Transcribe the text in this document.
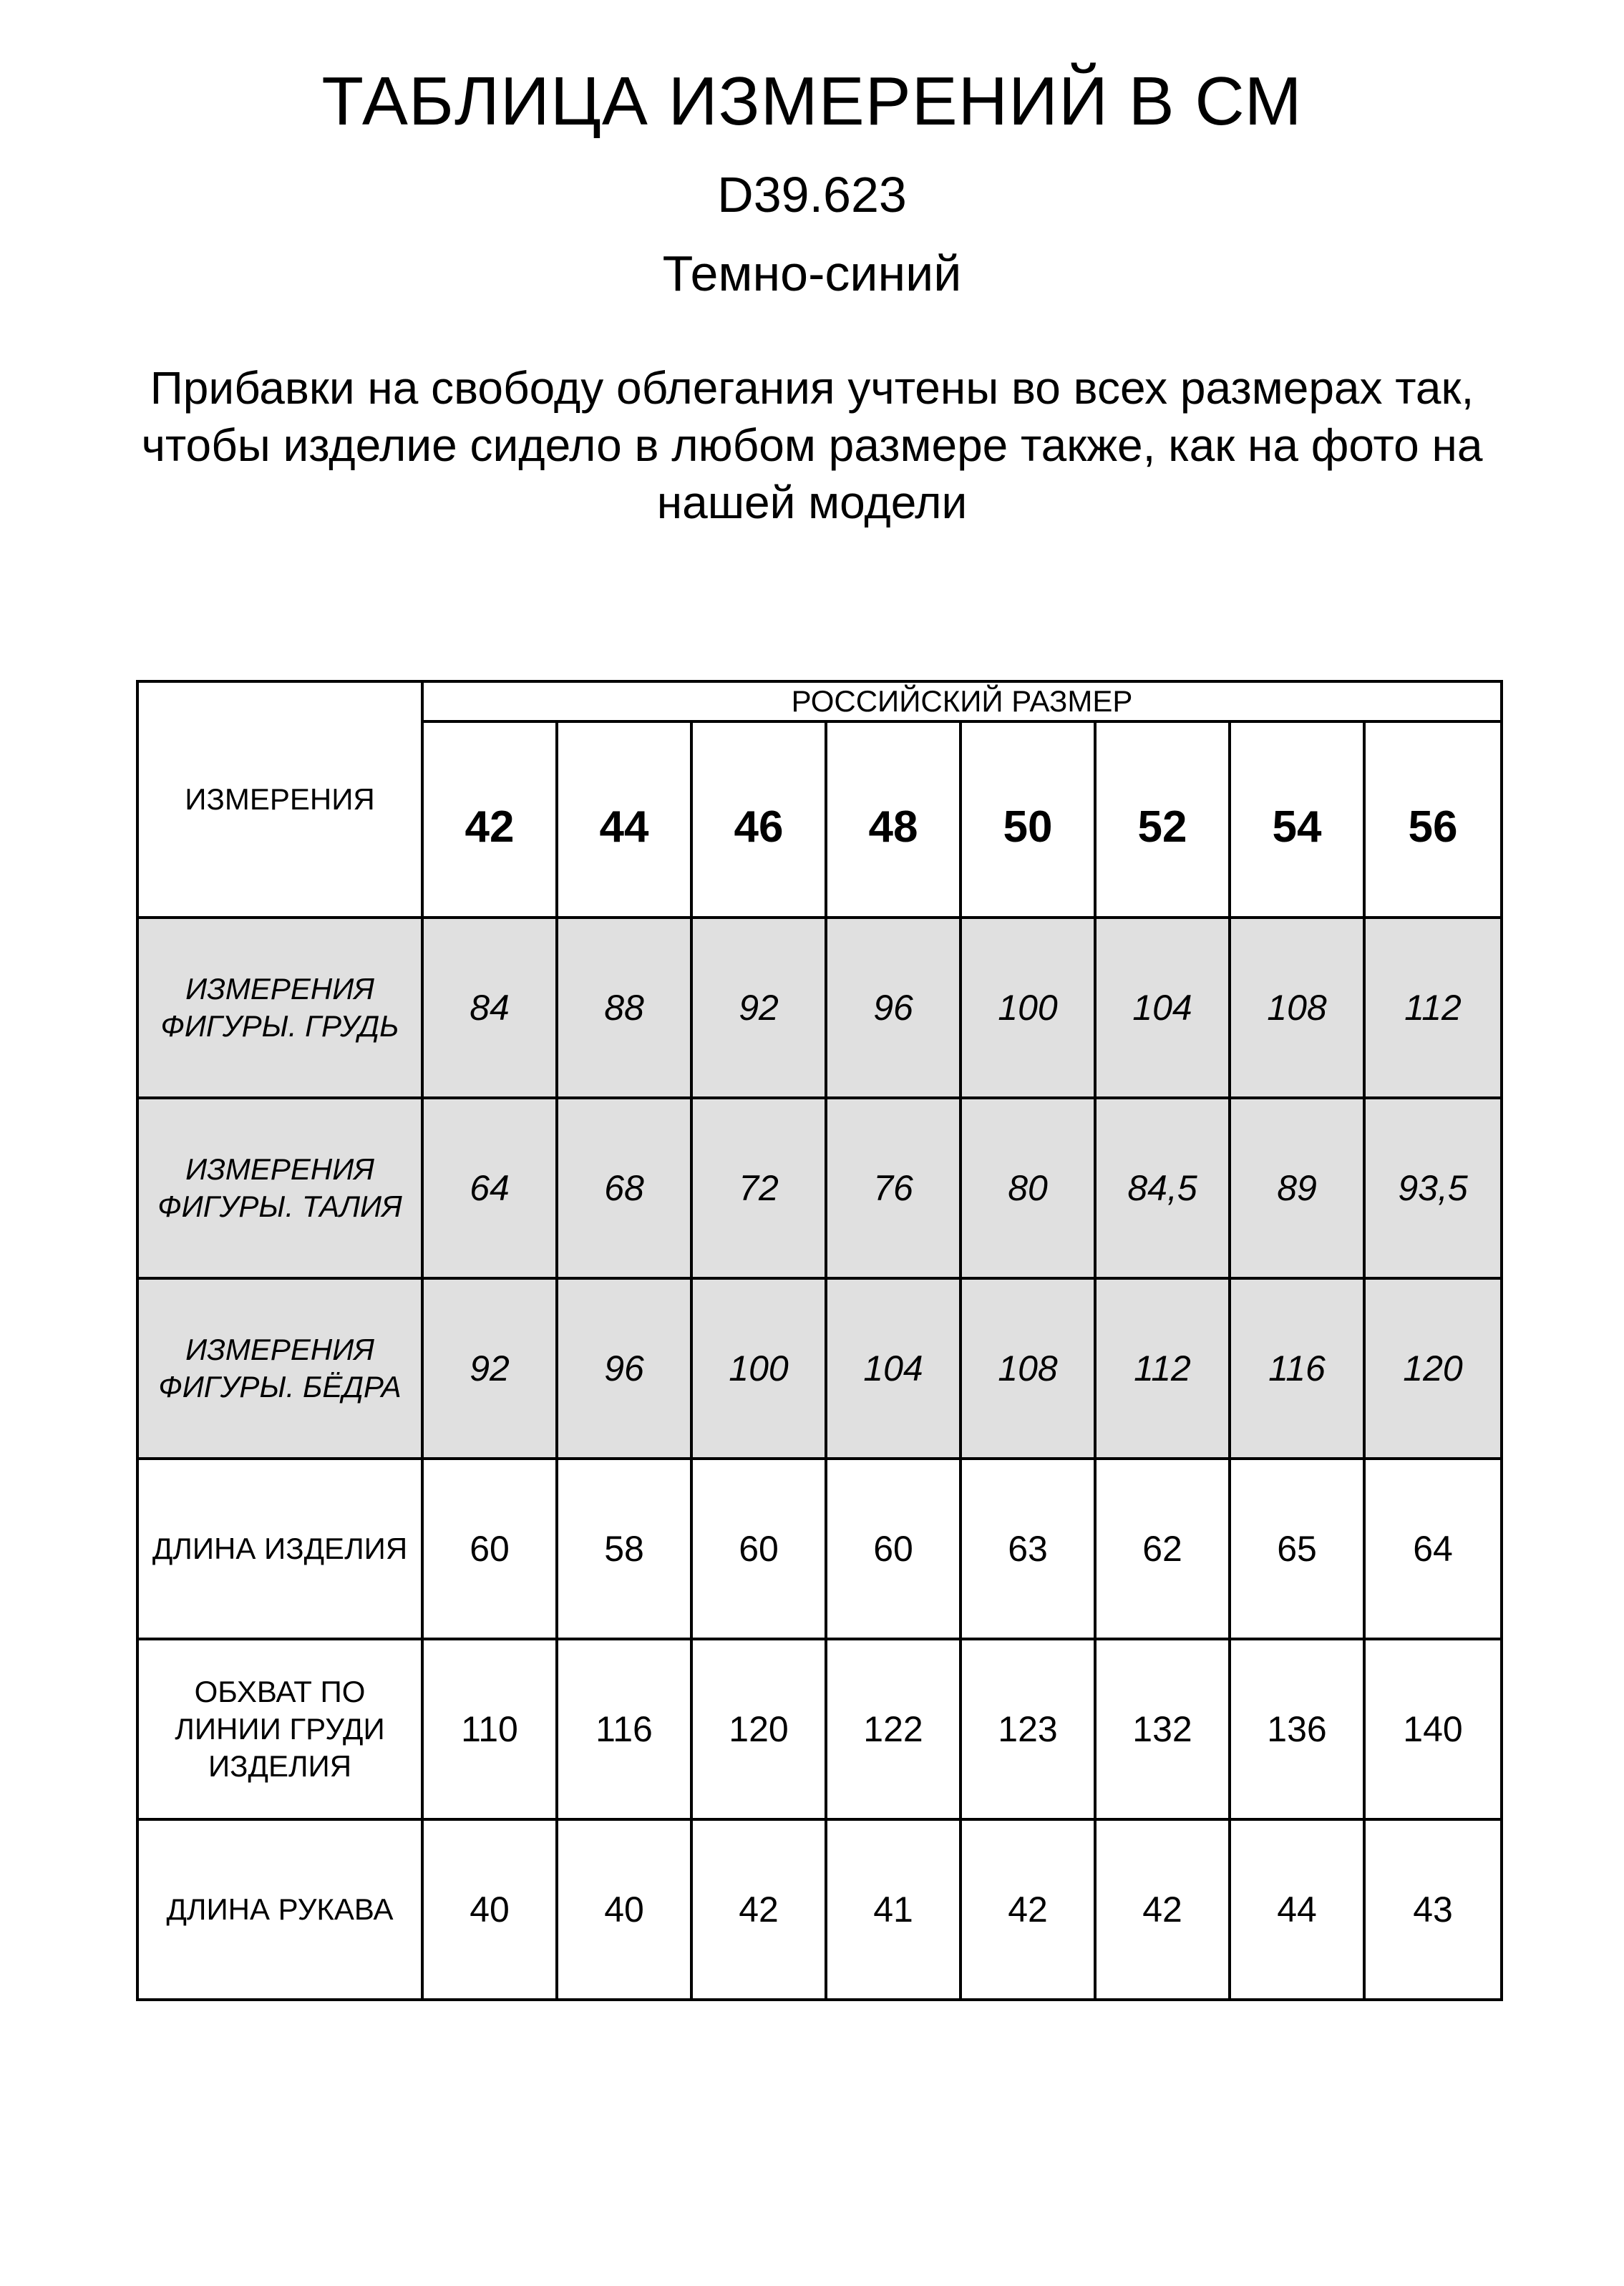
ТАБЛИЦА ИЗМЕРЕНИЙ В СМ
D39.623
Темно-синий
Прибавки на свободу облегания учтены во всех размерах так, чтобы изделие сидело в любом размере также, как на фото на нашей модели
ИЗМЕРЕНИЯ	РОССИЙСКИЙ РАЗМЕР							
	42	44	46	48	50	52	54	56
ИЗМЕРЕНИЯ ФИГУРЫ. ГРУДЬ	84	88	92	96	100	104	108	112
ИЗМЕРЕНИЯ ФИГУРЫ. ТАЛИЯ	64	68	72	76	80	84,5	89	93,5
ИЗМЕРЕНИЯ ФИГУРЫ. БЁДРА	92	96	100	104	108	112	116	120
ДЛИНА ИЗДЕЛИЯ	60	58	60	60	63	62	65	64
ОБХВАТ ПО ЛИНИИ ГРУДИ ИЗДЕЛИЯ	110	116	120	122	123	132	136	140
ДЛИНА РУКАВА	40	40	42	41	42	42	44	43
